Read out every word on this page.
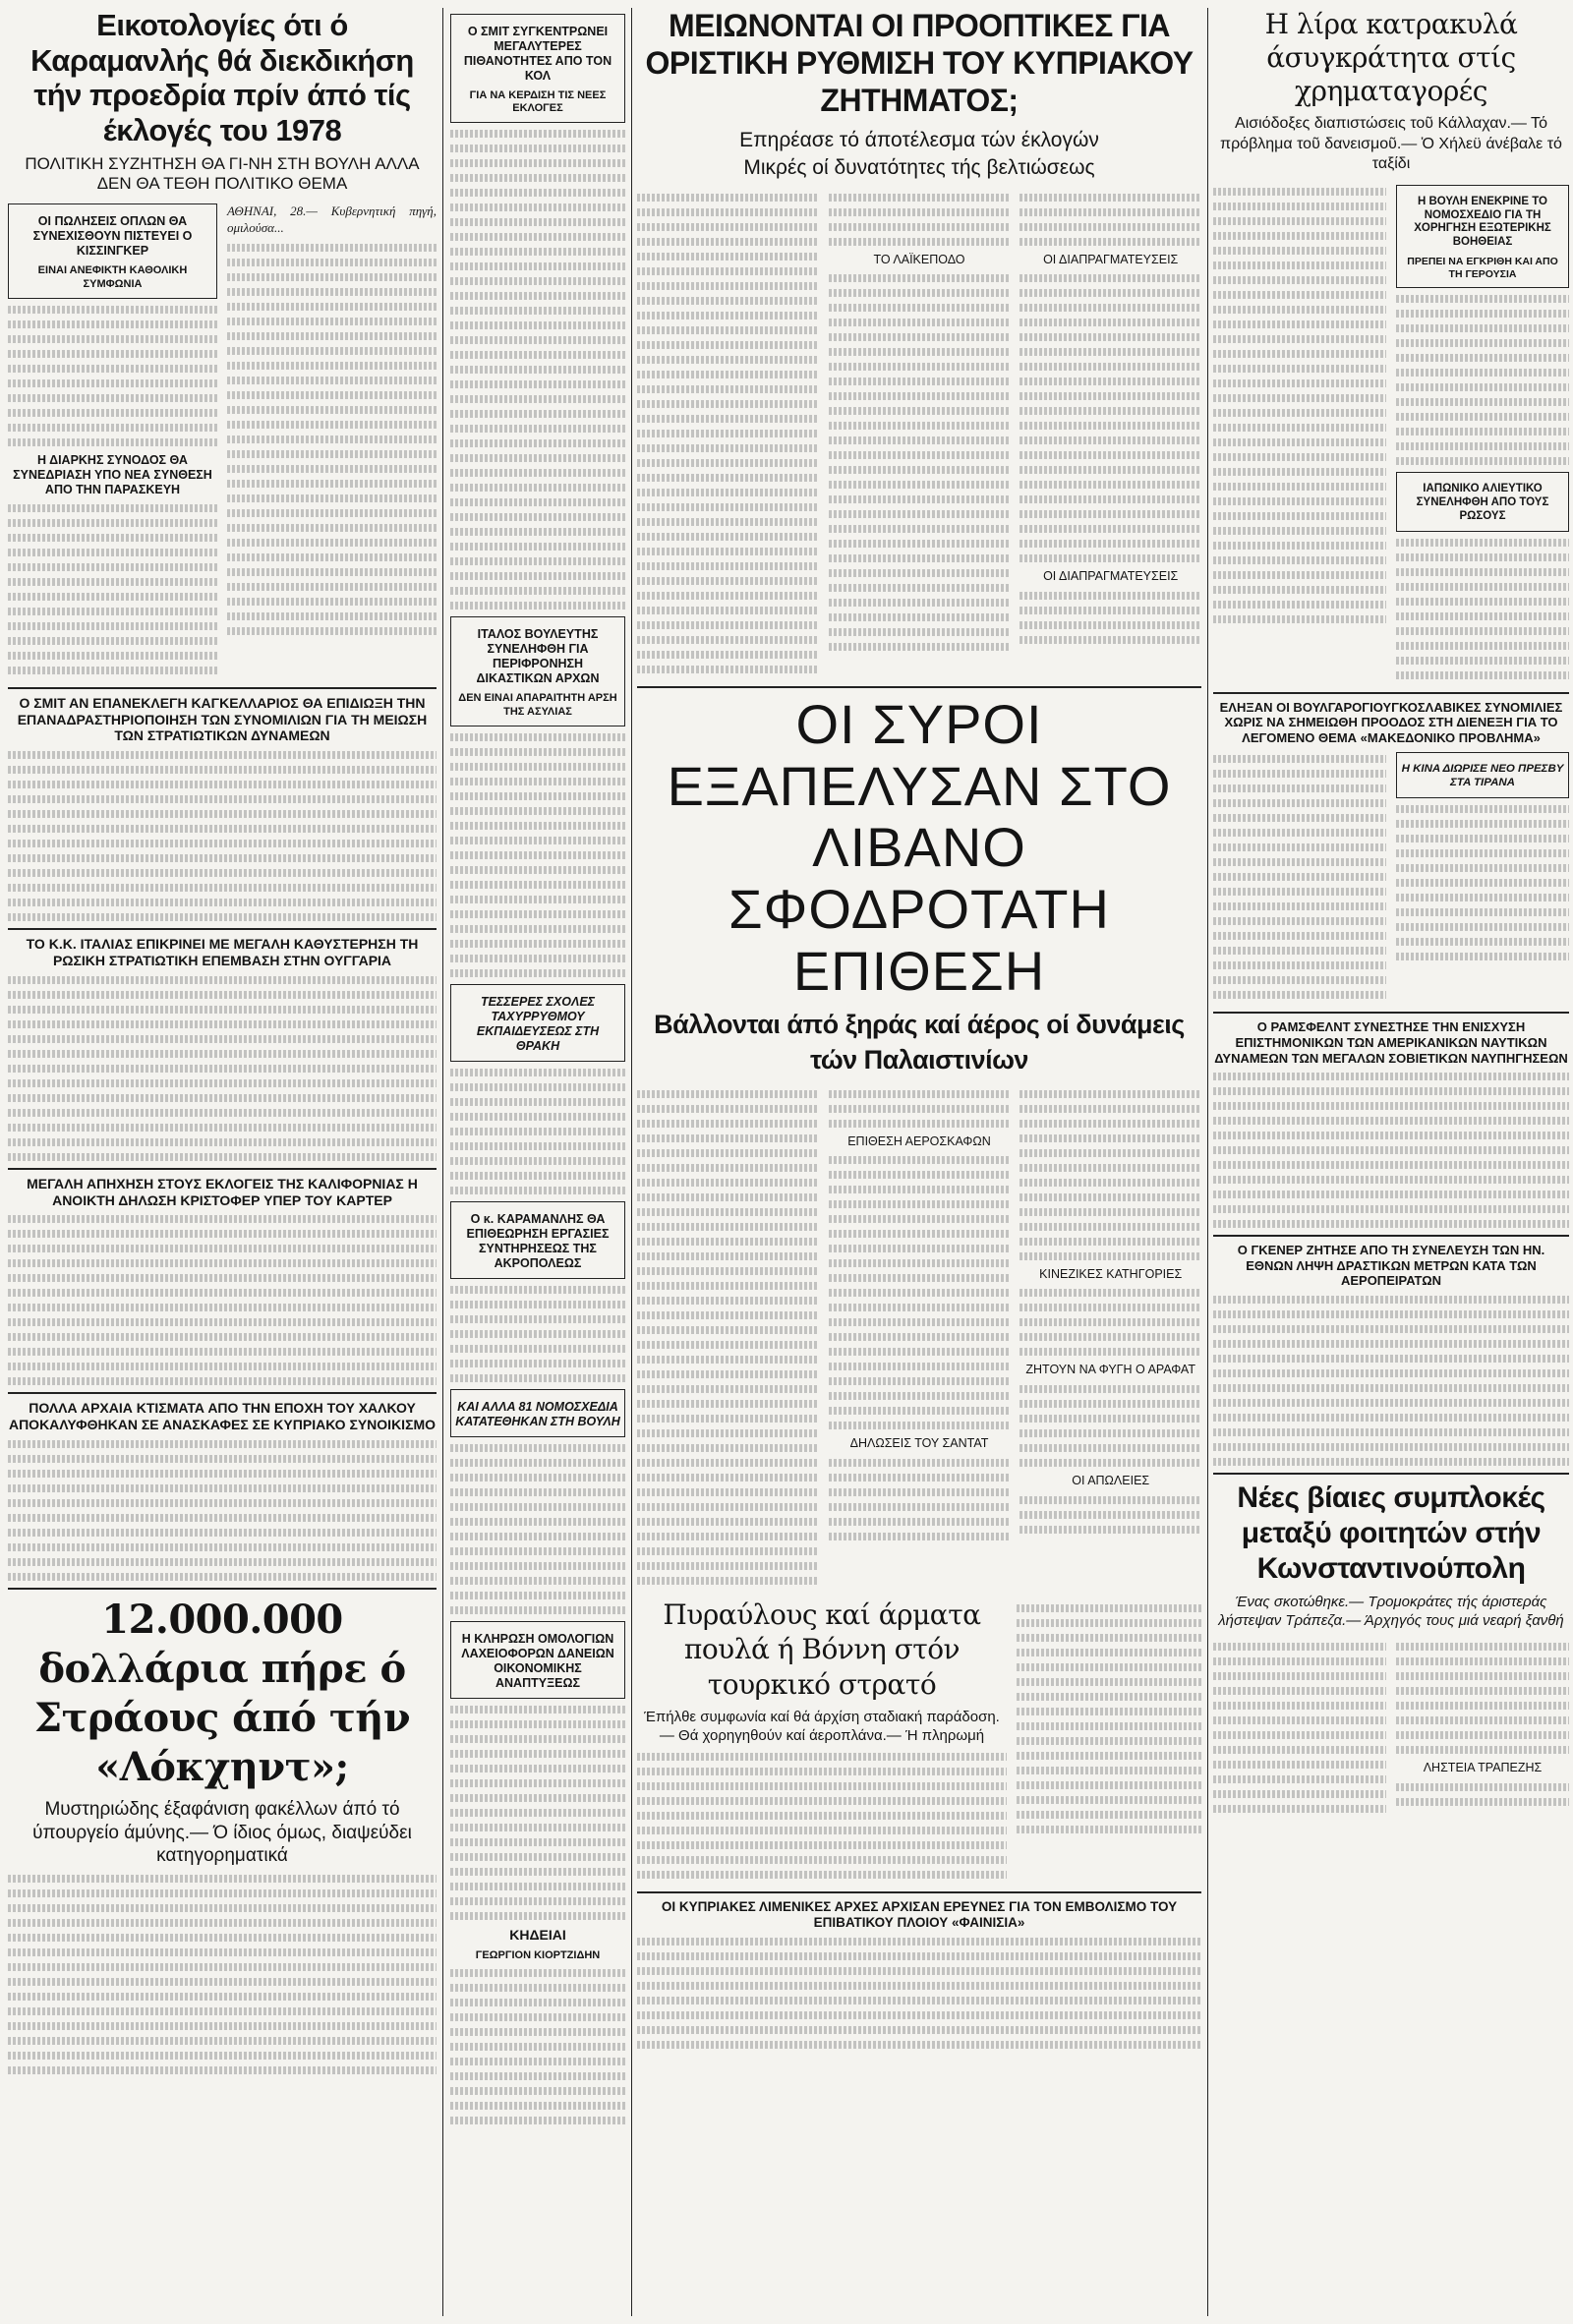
Εικοτολογίες ότι ό Καραμανλής θά διεκδικήση τήν προεδρία πρίν άπό τίς έκλογές του 1978
ΠΟΛΙΤΙΚΗ ΣΥΖΗΤΗΣΗ ΘΑ ΓΙ-ΝΗ ΣΤΗ ΒΟΥΛΗ ΑΛΛΑ ΔΕΝ ΘΑ ΤΕΘΗ ΠΟΛΙΤΙΚΟ ΘΕΜΑ
ΟΙ ΠΩΛΗΣΕΙΣ ΟΠΛΩΝ ΘΑ ΣΥΝΕΧΙΣΘΟΥΝ ΠΙΣΤΕΥΕΙ Ο ΚΙΣΣΙΝΓΚΕΡ
ΕΙΝΑΙ ΑΝΕΦΙΚΤΗ ΚΑΘΟΛΙΚΗ ΣΥΜΦΩΝΙΑ
Η ΔΙΑΡΚΗΣ ΣΥΝΟΔΟΣ ΘΑ ΣΥΝΕΔΡΙΑΣΗ ΥΠΟ ΝΕΑ ΣΥΝΘΕΣΗ ΑΠΟ ΤΗΝ ΠΑΡΑΣΚΕΥΗ
ΑΘΗΝΑΙ, 28.— Κυβερνητική πηγή, ομιλούσα...
Ο ΣΜΙΤ ΑΝ ΕΠΑΝΕΚΛΕΓΗ ΚΑΓΚΕΛΛΑΡΙΟΣ ΘΑ ΕΠΙΔΙΩΞΗ ΤΗΝ ΕΠΑΝΑΔΡΑΣΤΗΡΙΟΠΟΙΗΣΗ ΤΩΝ ΣΥΝΟΜΙΛΙΩΝ ΓΙΑ ΤΗ ΜΕΙΩΣΗ ΤΩΝ ΣΤΡΑΤΙΩΤΙΚΩΝ ΔΥΝΑΜΕΩΝ
ΤΟ Κ.Κ. ΙΤΑΛΙΑΣ ΕΠΙΚΡΙΝΕΙ ΜΕ ΜΕΓΑΛΗ ΚΑΘΥΣΤΕΡΗΣΗ ΤΗ ΡΩΣΙΚΗ ΣΤΡΑΤΙΩΤΙΚΗ ΕΠΕΜΒΑΣΗ ΣΤΗΝ ΟΥΓΓΑΡΙΑ
ΜΕΓΑΛΗ ΑΠΗΧΗΣΗ ΣΤΟΥΣ ΕΚΛΟΓΕΙΣ ΤΗΣ ΚΑΛΙΦΟΡΝΙΑΣ Η ΑΝΟΙΚΤΗ ΔΗΛΩΣΗ ΚΡΙΣΤΟΦΕΡ ΥΠΕΡ ΤΟΥ ΚΑΡΤΕΡ
ΠΟΛΛΑ ΑΡΧΑΙΑ ΚΤΙΣΜΑΤΑ ΑΠΟ ΤΗΝ ΕΠΟΧΗ ΤΟΥ ΧΑΛΚΟΥ ΑΠΟΚΑΛΥΦΘΗΚΑΝ ΣΕ ΑΝΑΣΚΑΦΕΣ ΣΕ ΚΥΠΡΙΑΚΟ ΣΥΝΟΙΚΙΣΜΟ
12.000.000 δολλάρια πήρε ό Στράους άπό τήν «Λόκχηντ»;
Μυστηριώδης έξαφάνιση φακέλλων άπό τό ύπουργείο άμύνης.— Ό ίδιος όμως, διαψεύδει κατηγορηματικά
Ο ΣΜΙΤ ΣΥΓΚΕΝΤΡΩΝΕΙ ΜΕΓΑΛΥΤΕΡΕΣ ΠΙΘΑΝΟΤΗΤΕΣ ΑΠΟ ΤΟΝ ΚΟΛ
ΓΙΑ ΝΑ ΚΕΡΔΙΣΗ ΤΙΣ ΝΕΕΣ ΕΚΛΟΓΕΣ
ΙΤΑΛΟΣ ΒΟΥΛΕΥΤΗΣ ΣΥΝΕΛΗΦΘΗ ΓΙΑ ΠΕΡΙΦΡΟΝΗΣΗ ΔΙΚΑΣΤΙΚΩΝ ΑΡΧΩΝ
ΔΕΝ ΕΙΝΑΙ ΑΠΑΡΑΙΤΗΤΗ ΑΡΣΗ ΤΗΣ ΑΣΥΛΙΑΣ
ΤΕΣΣΕΡΕΣ ΣΧΟΛΕΣ ΤΑΧΥΡΡΥΘΜΟΥ ΕΚΠΑΙΔΕΥΣΕΩΣ ΣΤΗ ΘΡΑΚΗ
Ο κ. ΚΑΡΑΜΑΝΛΗΣ ΘΑ ΕΠΙΘΕΩΡΗΣΗ ΕΡΓΑΣΙΕΣ ΣΥΝΤΗΡΗΣΕΩΣ ΤΗΣ ΑΚΡΟΠΟΛΕΩΣ
ΚΑΙ ΑΛΛΑ 81 ΝΟΜΟΣΧΕΔΙΑ ΚΑΤΑΤΕΘΗΚΑΝ ΣΤΗ ΒΟΥΛΗ
Η ΚΛΗΡΩΣΗ ΟΜΟΛΟΓΙΩΝ ΛΑΧΕΙΟΦΟΡΩΝ ΔΑΝΕΙΩΝ ΟΙΚΟΝΟΜΙΚΗΣ ΑΝΑΠΤΥΞΕΩΣ
ΚΗΔΕΙΑΙ
ΓΕΩΡΓΙΟΝ ΚΙΟΡΤΖΙΔΗΝ
ΜΕΙΩΝΟΝΤΑΙ ΟΙ ΠΡΟΟΠΤΙΚΕΣ ΓΙΑ ΟΡΙΣΤΙΚΗ ΡΥΘΜΙΣΗ ΤΟΥ ΚΥΠΡΙΑΚΟΥ ΖΗΤΗΜΑΤΟΣ;
Επηρέασε τό άποτέλεσμα τών έκλογών
Μικρές οί δυνατότητες τής βελτιώσεως
ΤΟ ΛΑΪΚΕΠΟΔΟ	ΟΙ ΔΙΑΠΡΑΓΜΑΤΕΥΣΕΙΣ
ΟΙ ΔΙΑΠΡΑΓΜΑΤΕΥΣΕΙΣ
ΟΙ ΣΥΡΟΙ ΕΞΑΠΕΛΥΣΑΝ ΣΤΟ ΛΙΒΑΝΟ ΣΦΟΔΡΟΤΑΤΗ ΕΠΙΘΕΣΗ
Βάλλονται άπό ξηράς καί άέρος οί δυνάμεις τών Παλαιστινίων
ΕΠΙΘΕΣΗ ΑΕΡΟΣΚΑΦΩΝ
ΔΗΛΩΣΕΙΣ ΤΟΥ ΣΑΝΤΑΤ
ΚΙΝΕΖΙΚΕΣ ΚΑΤΗΓΟΡΙΕΣ
ΖΗΤΟΥΝ ΝΑ ΦΥΓΗ Ο ΑΡΑΦΑΤ
ΟΙ ΑΠΩΛΕΙΕΣ
Πυραύλους καί άρματα πουλά ή Βόννη στόν τουρκικό στρατό
Έπήλθε συμφωνία καί θά άρχίση σταδιακή παράδοση.— Θά χορηγηθούν καί άεροπλάνα.— Ή πληρωμή
ΟΙ ΚΥΠΡΙΑΚΕΣ ΛΙΜΕΝΙΚΕΣ ΑΡΧΕΣ ΑΡΧΙΣΑΝ ΕΡΕΥΝΕΣ ΓΙΑ ΤΟΝ ΕΜΒΟΛΙΣΜΟ ΤΟΥ ΕΠΙΒΑΤΙΚΟΥ ΠΛΟΙΟΥ «ΦΑΙΝΙΣΙΑ»
Η λίρα κατρακυλά άσυγκράτητα στίς χρηματαγορές
Αισιόδοξες διαπιστώσεις τοῦ Κάλλαχαν.— Τό πρόβλημα τοῦ δανεισμοῦ.— Ὁ Χήλεϋ άνέβαλε τό ταξίδι
Η ΒΟΥΛΗ ΕΝΕΚΡΙΝΕ ΤΟ ΝΟΜΟΣΧΕΔΙΟ ΓΙΑ ΤΗ ΧΟΡΗΓΗΣΗ ΕΞΩΤΕΡΙΚΗΣ ΒΟΗΘΕΙΑΣ
ΠΡΕΠΕΙ ΝΑ ΕΓΚΡΙΘΗ ΚΑΙ ΑΠΟ ΤΗ ΓΕΡΟΥΣΙΑ
ΙΑΠΩΝΙΚΟ ΑΛΙΕΥΤΙΚΟ ΣΥΝΕΛΗΦΘΗ ΑΠΟ ΤΟΥΣ ΡΩΣΟΥΣ
ΕΛΗΞΑΝ ΟΙ ΒΟΥΛΓΑΡΟΓΙΟΥΓΚΟΣΛΑΒΙΚΕΣ ΣΥΝΟΜΙΛΙΕΣ ΧΩΡΙΣ ΝΑ ΣΗΜΕΙΩΘΗ ΠΡΟΟΔΟΣ ΣΤΗ ΔΙΕΝΕΞΗ ΓΙΑ ΤΟ ΛΕΓΟΜΕΝΟ ΘΕΜΑ «ΜΑΚΕΔΟΝΙΚΟ ΠΡΟΒΛΗΜΑ»
Η ΚΙΝΑ ΔΙΩΡΙΣΕ ΝΕΟ ΠΡΕΣΒΥ ΣΤΑ ΤΙΡΑΝΑ
Ο ΡΑΜΣΦΕΛΝΤ ΣΥΝΕΣΤΗΣΕ ΤΗΝ ΕΝΙΣΧΥΣΗ ΕΠΙΣΤΗΜΟΝΙΚΩΝ ΤΩΝ ΑΜΕΡΙΚΑΝΙΚΩΝ ΝΑΥΤΙΚΩΝ ΔΥΝΑΜΕΩΝ ΤΩΝ ΜΕΓΑΛΩΝ ΣΟΒΙΕΤΙΚΩΝ ΝΑΥΠΗΓΗΣΕΩΝ
Ο ΓΚΕΝΕΡ ΖΗΤΗΣΕ ΑΠΟ ΤΗ ΣΥΝΕΛΕΥΣΗ ΤΩΝ ΗΝ. ΕΘΝΩΝ ΛΗΨΗ ΔΡΑΣΤΙΚΩΝ ΜΕΤΡΩΝ ΚΑΤΑ ΤΩΝ ΑΕΡΟΠΕΙΡΑΤΩΝ
Νέες βίαιες συμπλοκές μεταξύ φοιτητών στήν Κωνσταντινούπολη
Ένας σκοτώθηκε.— Τρομοκράτες τής άριστεράς λήστεψαν Τράπεζα.— Άρχηγός τους μιά νεαρή ξανθή
ΛΗΣΤΕΙΑ ΤΡΑΠΕΖΗΣ
